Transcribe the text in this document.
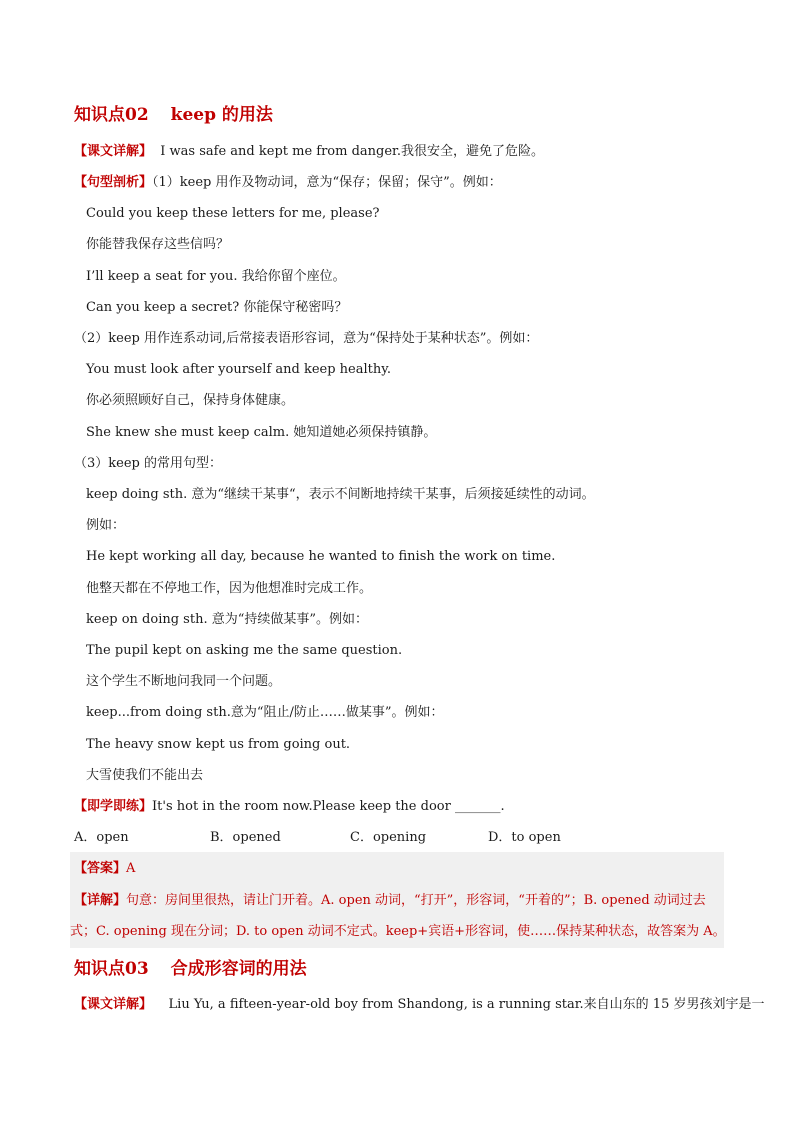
知识点02 keep 的用法
【课文详解】 I was safe and kept me from danger.我很安全，避免了危险。
【句型剖析】（1）keep 用作及物动词，意为“保存；保留；保守”。例如：
Could you keep these letters for me, please?
你能替我保存这些信吗？
I’ll keep a seat for you. 我给你留个座位。
Can you keep a secret? 你能保守秘密吗？
（2）keep 用作连系动词,后常接表语形容词，意为“保持处于某种状态”。例如：
You must look after yourself and keep healthy.
你必须照顾好自己，保持身体健康。
She knew she must keep calm. 她知道她必须保持镇静。
（3）keep 的常用句型：
keep doing sth. 意为“继续干某事“，表示不间断地持续干某事，后须接延续性的动词。
例如：
He kept working all day, because he wanted to finish the work on time.
他整天都在不停地工作，因为他想准时完成工作。
keep on doing sth. 意为“持续做某事”。例如：
The pupil kept on asking me the same question.
这个学生不断地问我同一个问题。
keep...from doing sth.意为“阻止/防止……做某事”。例如：
The heavy snow kept us from going out.
大雪使我们不能出去
【即学即练】It's hot in the room now.Please keep the door _______.
A．open	B．opened	C．opening	D．to open
【答案】A
【详解】句意：房间里很热，请让门开着。A. open 动词，“打开”，形容词，“开着的”；B. opened 动词过去
式；C. opening 现在分词；D. to open 动词不定式。keep+宾语+形容词，使……保持某种状态，故答案为 A。
知识点03 合成形容词的用法
【课文详解】 Liu Yu, a fifteen-year-old boy from Shandong, is a running star.来自山东的 15 岁男孩刘宇是一
